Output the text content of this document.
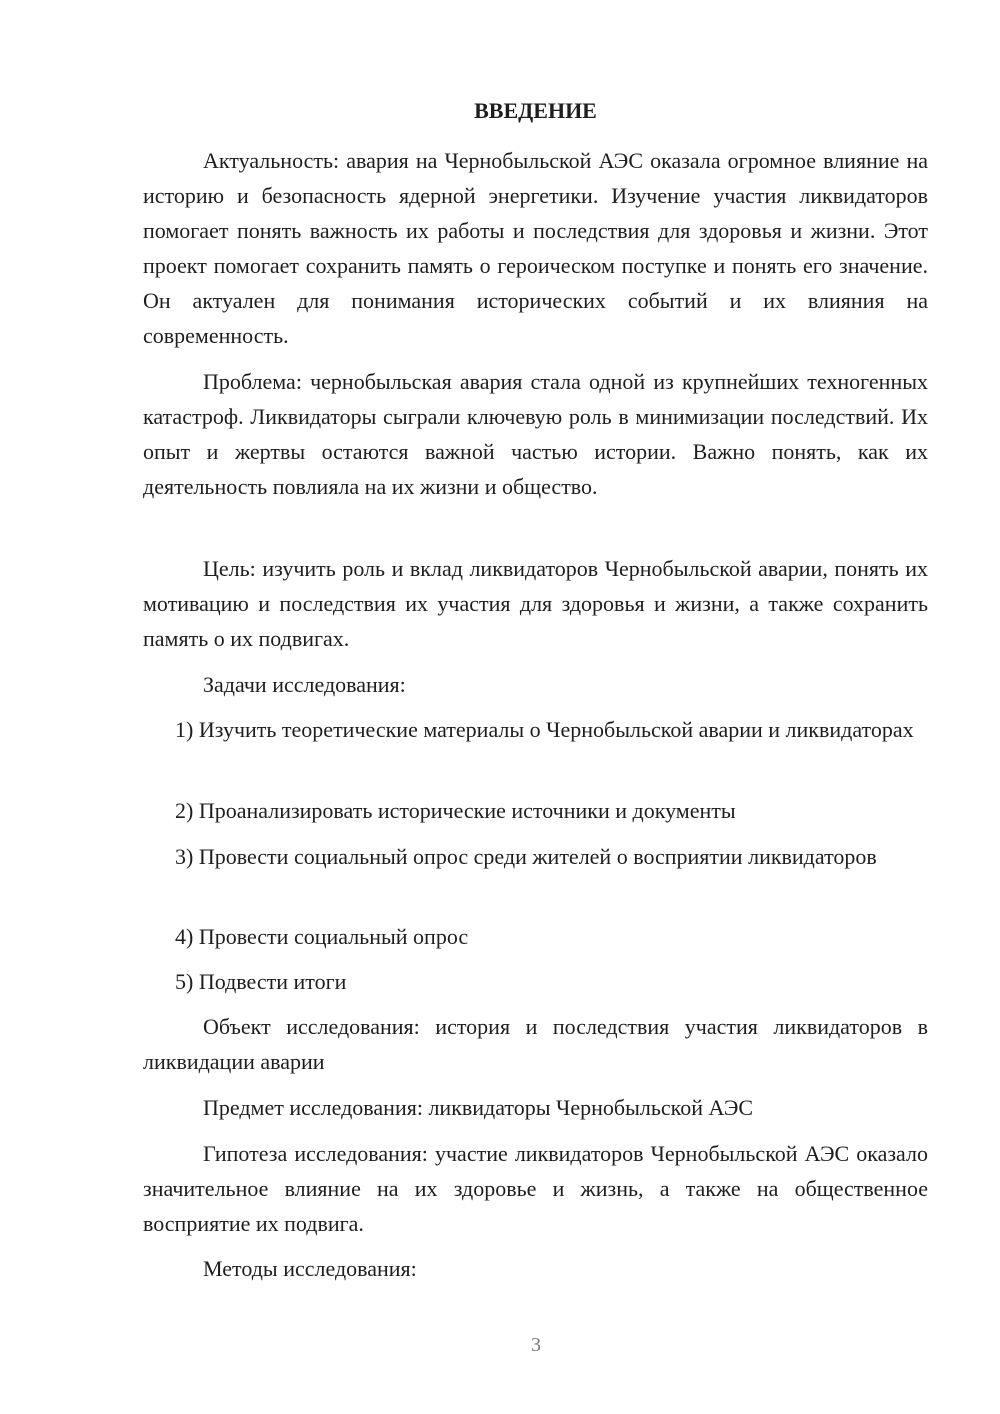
ВВЕДЕНИЕ

Актуальность: авария на Чернобыльской АЭС оказала огромное влияние на историю и безопасность ядерной энергетики. Изучение участия ликвидаторов помогает понять важность их работы и последствия для здоровья и жизни. Этот проект помогает сохранить память о героическом поступке и понять его значение. Он актуален для понимания исторических событий и их влияния на современность.

Проблема: чернобыльская авария стала одной из крупнейших техногенных катастроф. Ликвидаторы сыграли ключевую роль в минимизации последствий. Их опыт и жертвы остаются важной частью истории. Важно понять, как их деятельность повлияла на их жизни и общество.

Цель: изучить роль и вклад ликвидаторов Чернобыльской аварии, понять их мотивацию и последствия их участия для здоровья и жизни, а также сохранить память о их подвигах.

Задачи исследования:

1) Изучить теоретические материалы о Чернобыльской аварии и ликвидаторах

2) Проанализировать исторические источники и документы

3) Провести социальный опрос среди жителей о восприятии ликвидаторов

4) Провести социальный опрос

5) Подвести итоги

Объект исследования: история и последствия участия ликвидаторов в ликвидации аварии

Предмет исследования: ликвидаторы Чернобыльской АЭС

Гипотеза исследования: участие ликвидаторов Чернобыльской АЭС оказало значительное влияние на их здоровье и жизнь, а также на общественное восприятие их подвига.

Методы исследования:

3
